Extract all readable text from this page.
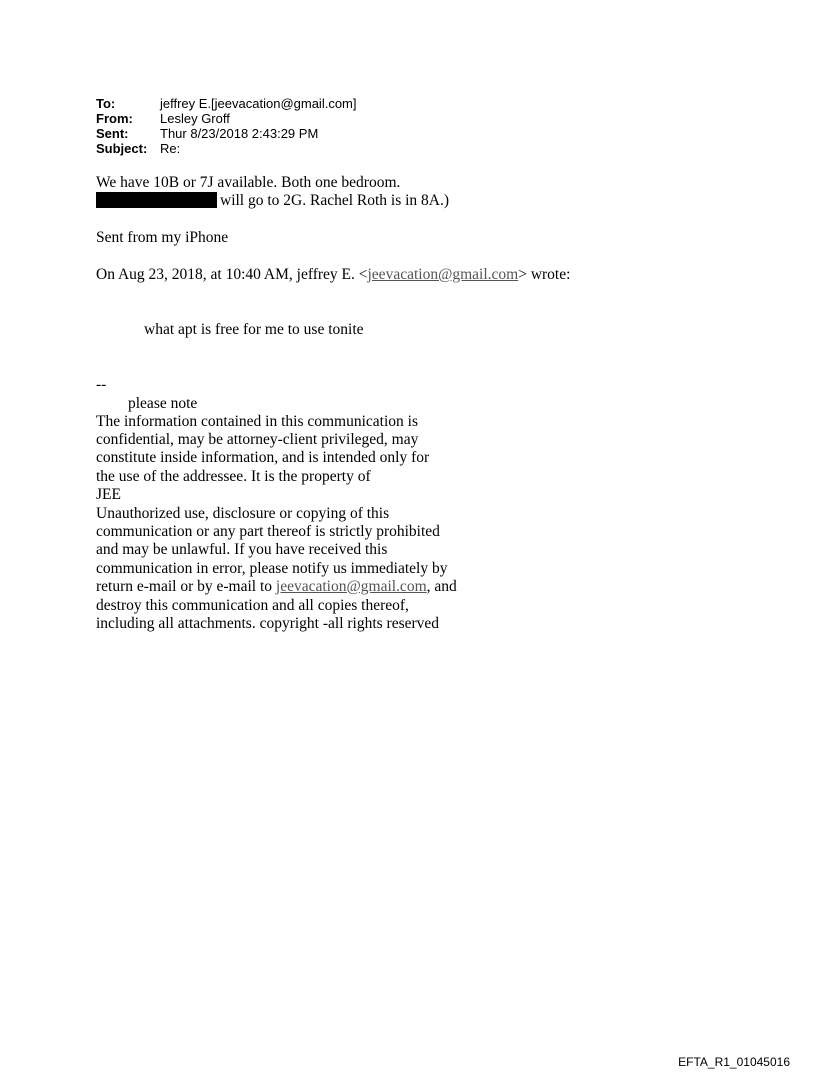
To:	jeffrey E.[jeevacation@gmail.com]
From:	Lesley Groff
Sent:	Thur 8/23/2018 2:43:29 PM
Subject: Re:
We have 10B or 7J available. Both one bedroom.
will go to 2G. Rachel Roth is in 8A.)
Sent from my iPhone
On Aug 23, 2018, at 10:40 AM, jeffrey E. <jeevacation@gmail.com> wrote:
what apt is free for me to use tonite
--
please note
The information contained in this communication is
confidential, may be attorney-client privileged, may
constitute inside information, and is intended only for
the use of the addressee. It is the property of
JEE
Unauthorized use, disclosure or copying of this
communication or any part thereof is strictly prohibited
and may be unlawful. If you have received this
communication in error, please notify us immediately by
return e-mail or by e-mail to jeevacation@gmail.com, and
destroy this communication and all copies thereof,
including all attachments. copyright -all rights reserved
EFTA_R1_01045016
